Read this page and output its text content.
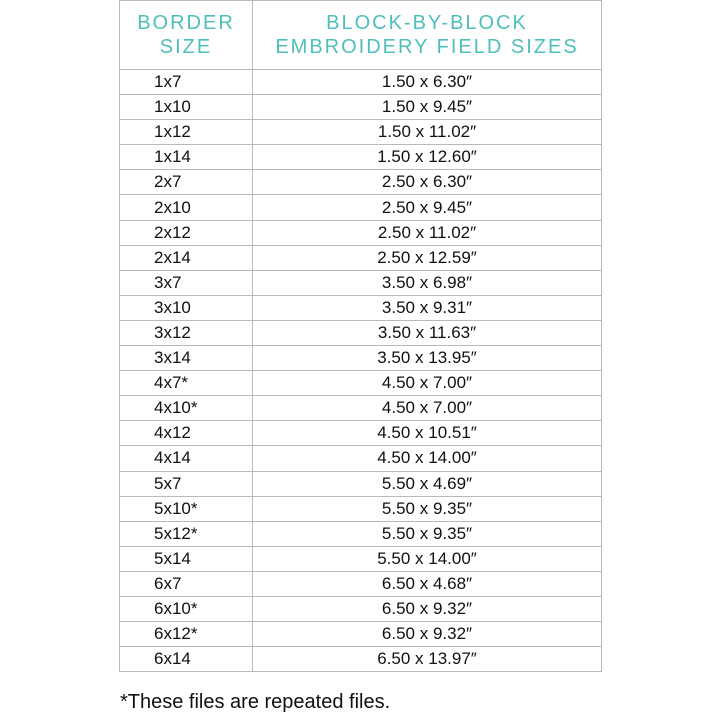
BORDER
SIZE	BLOCK-BY-BLOCK
EMBROIDERY FIELD SIZES

1x7	1.50 x 6.30″
1x10	1.50 x 9.45″
1x12	1.50 x 11.02″
1x14	1.50 x 12.60″
2x7	2.50 x 6.30″
2x10	2.50 x 9.45″
2x12	2.50 x 11.02″
2x14	2.50 x 12.59″
3x7	3.50 x 6.98″
3x10	3.50 x 9.31″
3x12	3.50 x 11.63″
3x14	3.50 x 13.95″
4x7*	4.50 x 7.00″
4x10*	4.50 x 7.00″
4x12	4.50 x 10.51″
4x14	4.50 x 14.00″
5x7	5.50 x 4.69″
5x10*	5.50 x 9.35″
5x12*	5.50 x 9.35″
5x14	5.50 x 14.00″
6x7	6.50 x 4.68″
6x10*	6.50 x 9.32″
6x12*	6.50 x 9.32″
6x14	6.50 x 13.97″
*These files are repeated files.
